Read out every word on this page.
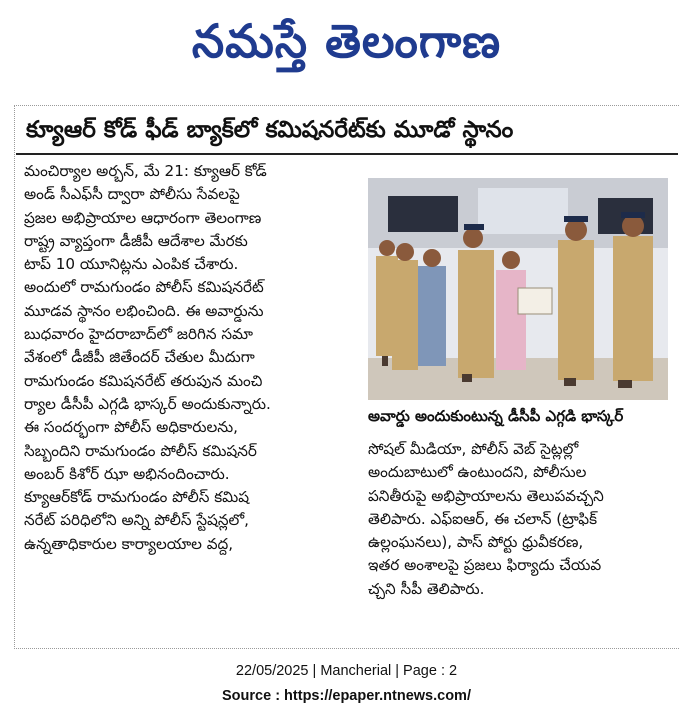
నమస్తే తెలంగాణ
క్యూఆర్ కోడ్ ఫీడ్ బ్యాక్‌లో కమిషనరేట్‌కు మూడో స్థానం

మంచిర్యాల అర్బన్, మే 21: క్యూఆర్ కోడ్

అండ్ సీఎఫ్‌సీ ద్వారా పోలీసు సేవలపై

ప్రజల అభిప్రాయాల ఆధారంగా తెలంగాణ

రాష్ట్ర వ్యాప్తంగా డీజీపీ ఆదేశాల మేరకు

టాప్ 10 యూనిట్లను ఎంపిక చేశారు.

అందులో రామగుండం పోలీస్ కమిషనరేట్

మూడవ స్థానం లభించింది. ఈ అవార్డును

బుధవారం హైదరాబాద్‌లో జరిగిన సమా

వేశంలో డీజీపీ జితేందర్ చేతుల మీదుగా

రామగుండం కమిషనరేట్ తరుపున మంచి

ర్యాల డీసీపీ ఎగ్గడి భాస్కర్ అందుకున్నారు.

ఈ సందర్భంగా పోలీస్ అధికారులను,

సిబ్బందిని రామగుండం పోలీస్ కమిషనర్

అంబర్ కిశోర్ ఝా అభినందించారు.

క్యూఆర్‌కోడ్ రామగుండం పోలీస్ కమిష

నరేట్ పరిధిలోని అన్ని పోలీస్ స్టేషన్లలో,

ఉన్నతాధికారుల కార్యాలయాల వద్ద,

అవార్డు అందుకుంటున్న డీసీపీ ఎగ్గడి భాస్కర్

సోషల్ మీడియా, పోలీస్ వెబ్ సైట్లల్లో

అందుబాటులో ఉంటుందని, పోలీసుల

పనితీరుపై అభిప్రాయాలను తెలుపవచ్చని

తెలిపారు. ఎఫ్ఐఆర్, ఈ చలాన్ (ట్రాఫిక్

ఉల్లంఘనలు), పాస్ పోర్టు ధ్రువీకరణ,

ఇతర అంశాలపై ప్రజలు ఫిర్యాదు చేయవ

చ్చని సీపీ తెలిపారు.

22/05/2025 | Mancherial | Page : 2
Source : https://epaper.ntnews.com/
